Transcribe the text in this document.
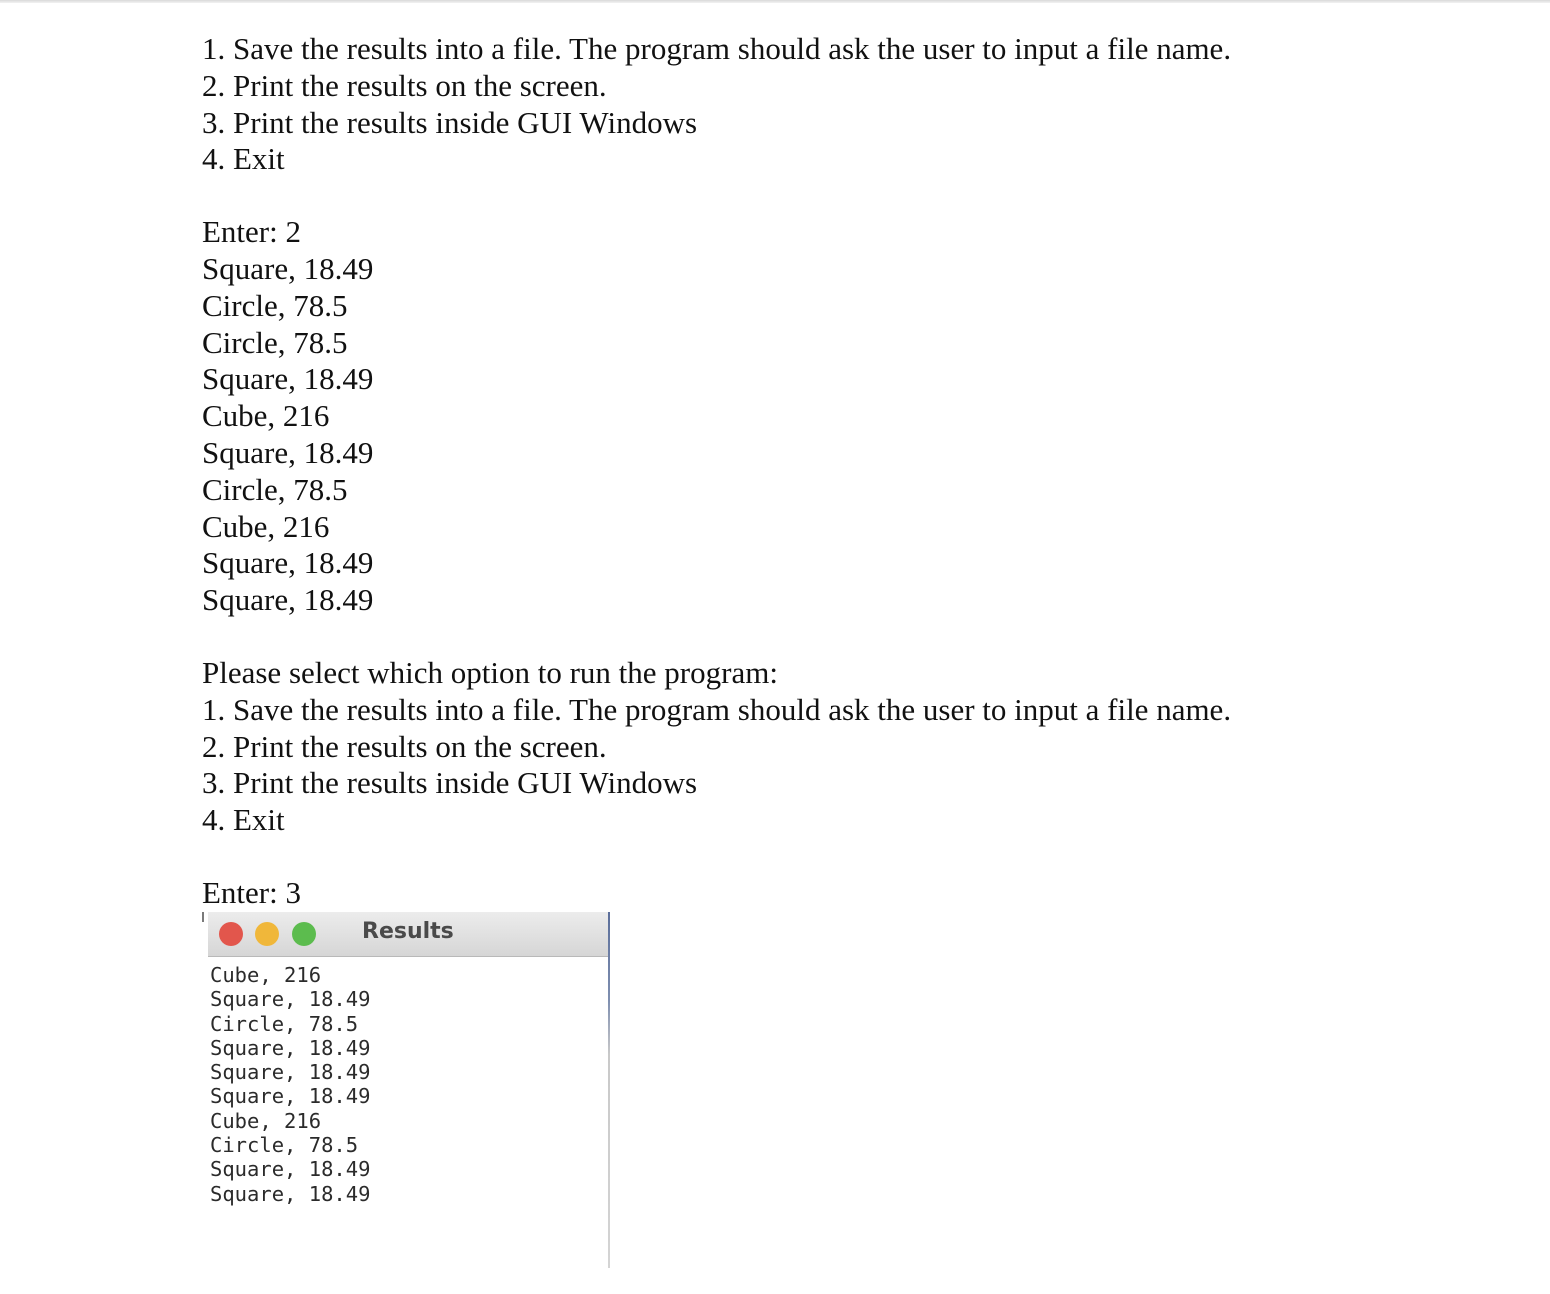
1. Save the results into a file. The program should ask the user to input a file name.
2. Print the results on the screen.
3. Print the results inside GUI Windows
4. Exit
Enter: 2
Square, 18.49
Circle, 78.5
Circle, 78.5
Square, 18.49
Cube, 216
Square, 18.49
Circle, 78.5
Cube, 216
Square, 18.49
Square, 18.49
Please select which option to run the program:
1. Save the results into a file. The program should ask the user to input a file name.
2. Print the results on the screen.
3. Print the results inside GUI Windows
4. Exit
Enter: 3
Results
Cube, 216
Square, 18.49
Circle, 78.5
Square, 18.49
Square, 18.49
Square, 18.49
Cube, 216
Circle, 78.5
Square, 18.49
Square, 18.49
